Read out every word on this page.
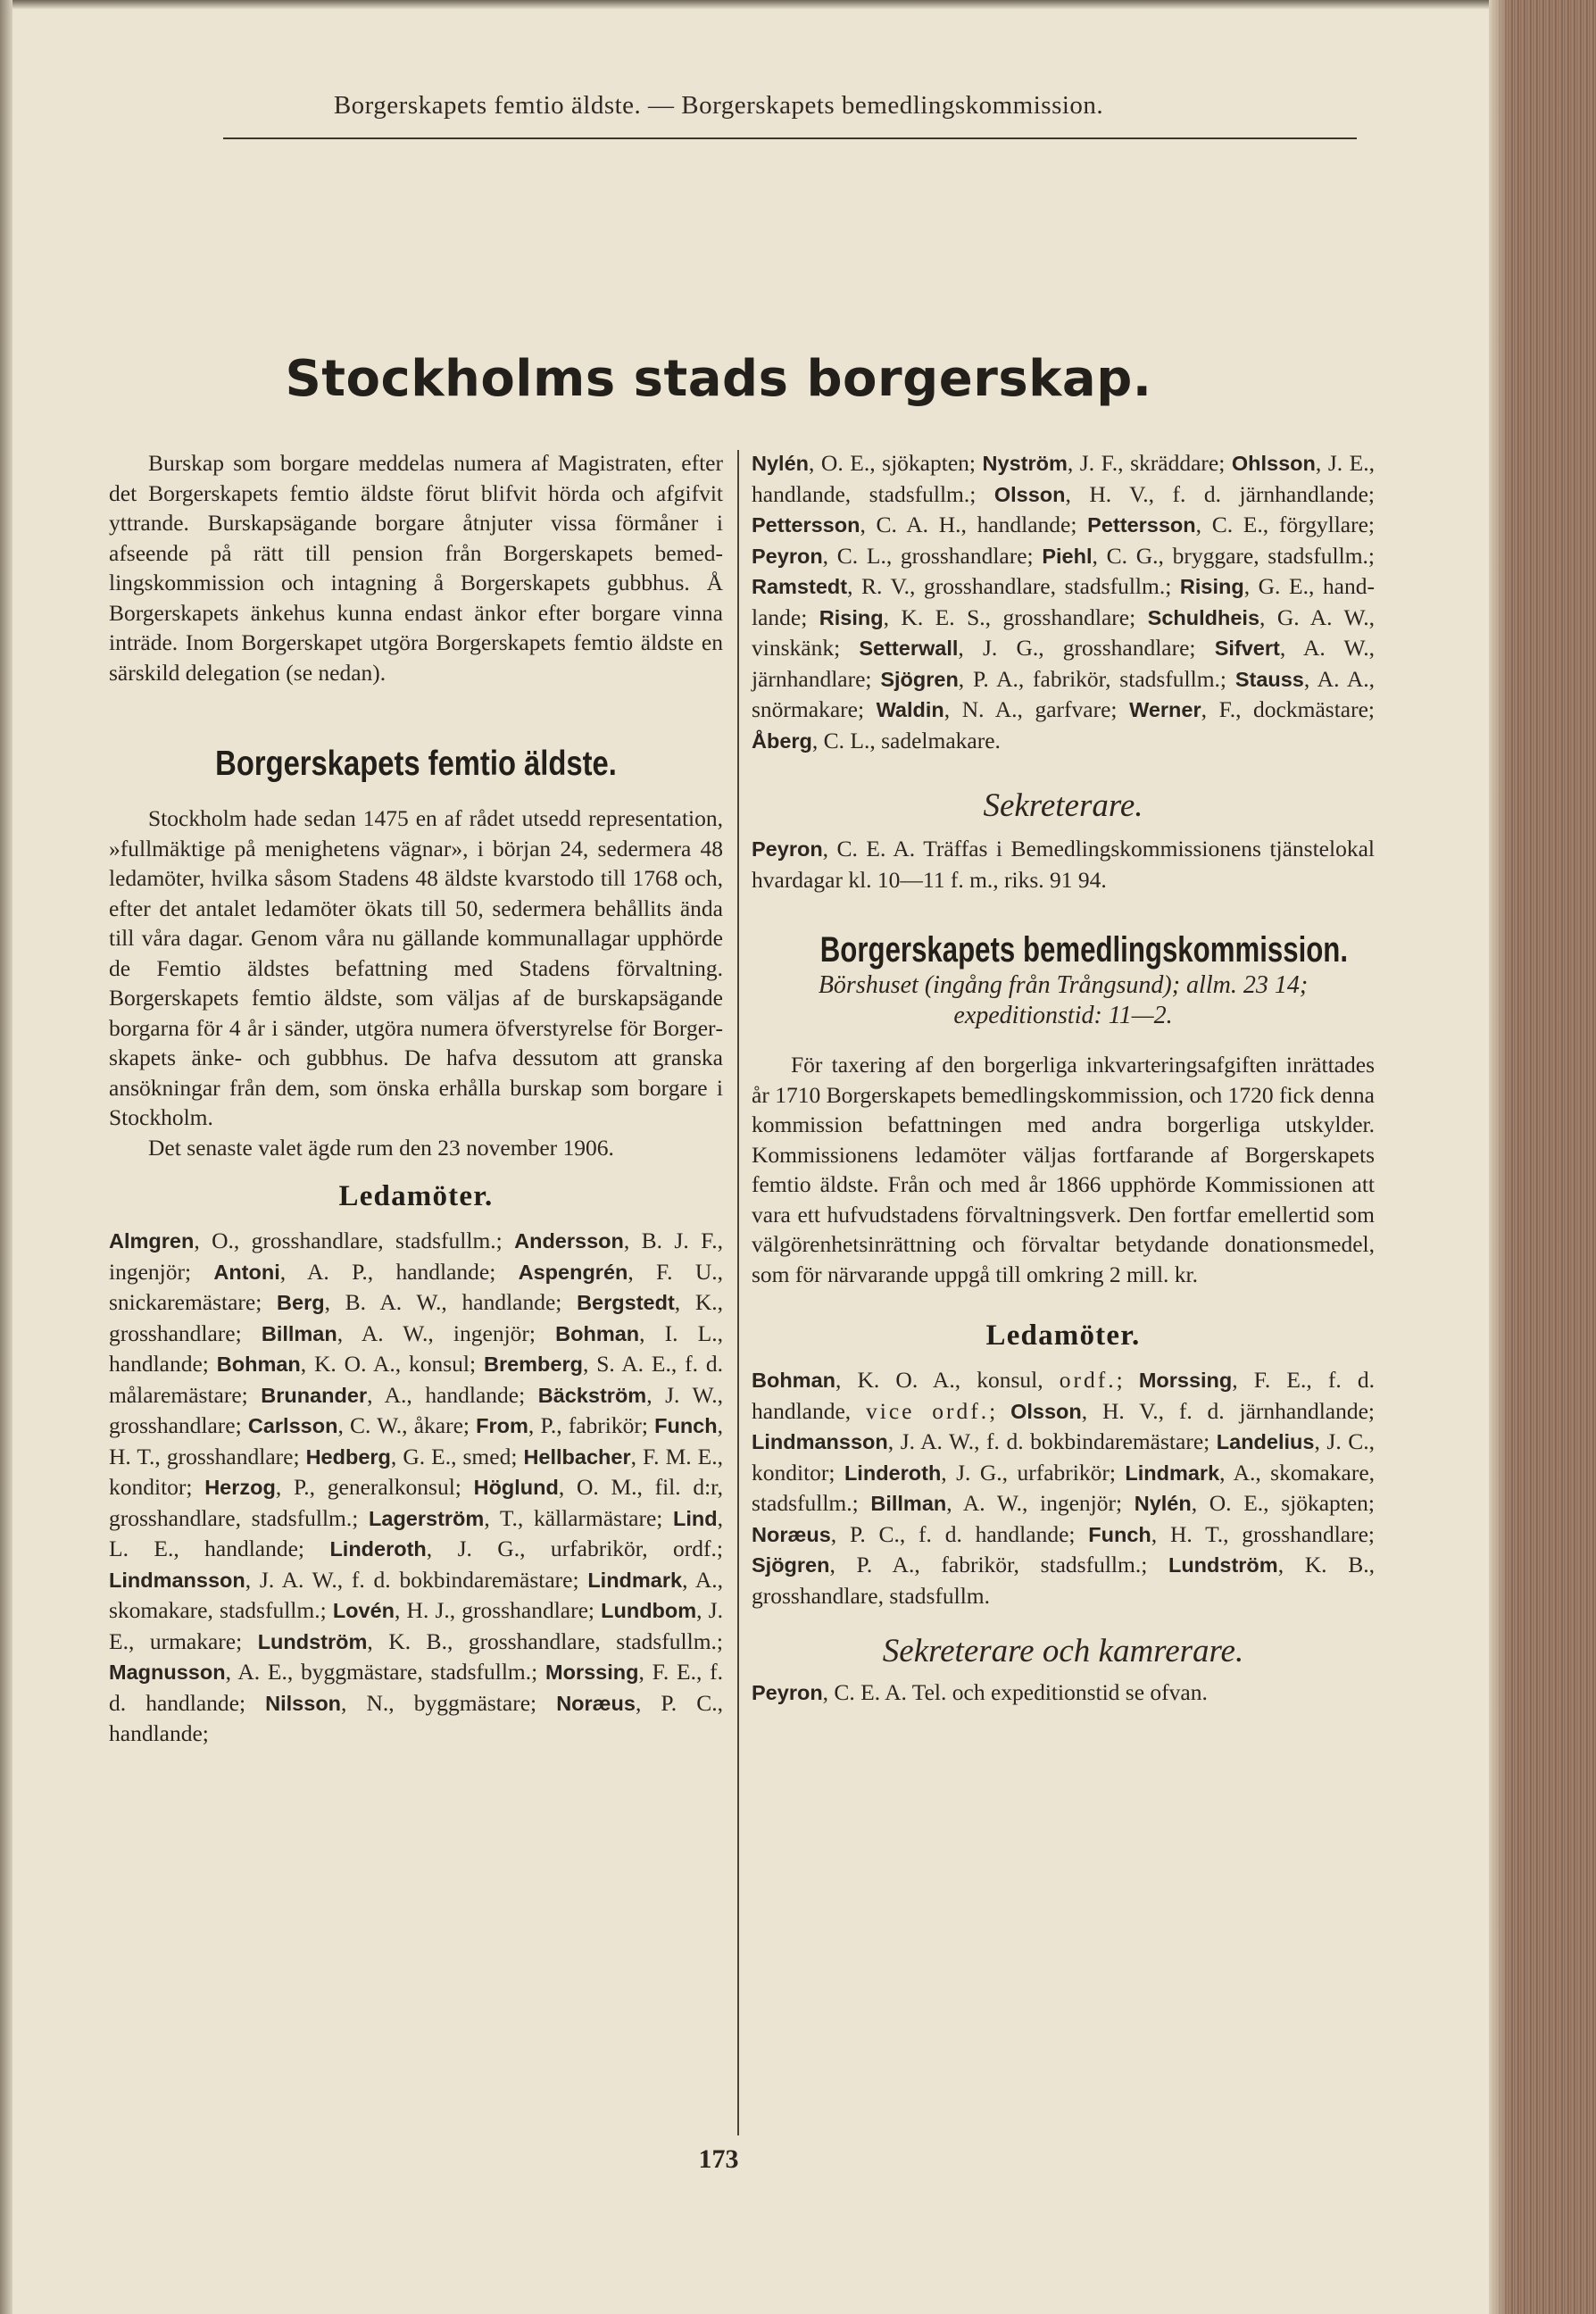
Borgerskapets femtio äldste. — Borgerskapets bemedlingskommission.
Stockholms stads borgerskap.

Burskap som borgare meddelas numera af Magistraten, efter det Borgerskapets femtio äldste förut blifvit hörda och afgifvit yttrande. Burskapsägande borgare åtnjuter vissa förmåner i afseende på rätt till pension från Borgerskapets bemedlingskommission och intagning å Borgerskapets gubbhus. Å Borgerskapets änkehus kunna endast änkor efter borgare vinna inträde. Inom Borgerskapet utgöra Borgerskapets femtio äldste en särskild delegation (se nedan).

Borgerskapets femtio äldste.

Stockholm hade sedan 1475 en af rådet utsedd representation, »fullmäktige på menighetens vägnar», i början 24, sedermera 48 ledamöter, hvilka såsom Stadens 48 äldste kvarstodo till 1768 och, efter det antalet ledamöter ökats till 50, sedermera behållits ända till våra dagar. Genom våra nu gällande kommunallagar upphörde de Femtio äldstes befattning med Stadens förvaltning. Borgerskapets femtio äldste, som väljas af de burskapsägande borgarna för 4 år i sänder, utgöra numera öfverstyrelse för Borgerskapets änke- och gubbhus. De hafva dessutom att granska ansökningar från dem, som önska erhålla burskap som borgare i Stockholm.

Det senaste valet ägde rum den 23 november 1906.

Ledamöter.

Almgren, O., grosshandlare, stadsfullm.; Andersson, B. J. F., ingenjör; Antoni, A. P., handlande; Aspengrén, F. U., snickaremästare; Berg, B. A. W., handlande; Bergstedt, K., grosshandlare; Billman, A. W., ingenjör; Bohman, I. L., handlande; Bohman, K. O. A., konsul; Bremberg, S. A. E., f. d. målaremästare; Brunander, A., handlande; Bäckström, J. W., grosshandlare; Carlsson, C. W., åkare; From, P., fabrikör; Funch, H. T., grosshandlare; Hedberg, G. E., smed; Hellbacher, F. M. E., konditor; Herzog, P., generalkonsul; Höglund, O. M., fil. d:r, grosshandlare, stadsfullm.; Lagerström, T., källarmästare; Lind, L. E., handlande; Linderoth, J. G., urfabrikör, ordf.; Lindmansson, J. A. W., f. d. bokbindaremästare; Lindmark, A., skomakare, stadsfullm.; Lovén, H. J., grosshandlare; Lundbom, J. E., urmakare; Lundström, K. B., grosshandlare, stadsfullm.; Magnusson, A. E., byggmästare, stadsfullm.; Morssing, F. E., f. d. handlande; Nilsson, N., byggmästare; Noræus, P. C., handlande;

Nylén, O. E., sjökapten; Nyström, J. F., skräddare; Ohlsson, J. E., handlande, stadsfullm.; Olsson, H. V., f. d. järnhandlande; Pettersson, C. A. H., handlande; Pettersson, C. E., förgyllare; Peyron, C. L., grosshandlare; Piehl, C. G., bryggare, stadsfullm.; Ramstedt, R. V., grosshandlare, stadsfullm.; Rising, G. E., handlande; Rising, K. E. S., grosshandlare; Schuldheis, G. A. W., vinskänk; Setterwall, J. G., grosshandlare; Sifvert, A. W., järnhandlare; Sjögren, P. A., fabrikör, stadsfullm.; Stauss, A. A., snörmakare; Waldin, N. A., garfvare; Werner, F., dockmästare; Åberg, C. L., sadelmakare.

Sekreterare.

Peyron, C. E. A. Träffas i Bemedlingskommissionens tjänstelokal hvardagar kl. 10—11 f. m., riks. 91 94.

Borgerskapets bemedlingskommission.

Börshuset (ingång från Trångsund); allm. 23 14; expeditionstid: 11—2.

För taxering af den borgerliga inkvarteringsafgiften inrättades år 1710 Borgerskapets bemedlingskommission, och 1720 fick denna kommission befattningen med andra borgerliga utskylder. Kommissionens ledamöter väljas fortfarande af Borgerskapets femtio äldste. Från och med år 1866 upphörde Kommissionen att vara ett hufvudstadens förvaltningsverk. Den fortfar emellertid som välgörenhetsinrättning och förvaltar betydande donationsmedel, som för närvarande uppgå till omkring 2 mill. kr.

Ledamöter.

Bohman, K. O. A., konsul, ordf.; Morssing, F. E., f. d. handlande, vice ordf.; Olsson, H. V., f. d. järnhandlande; Lindmansson, J. A. W., f. d. bokbindaremästare; Landelius, J. C., konditor; Linderoth, J. G., urfabrikör; Lindmark, A., skomakare, stadsfullm.; Billman, A. W., ingenjör; Nylén, O. E., sjökapten; Noræus, P. C., f. d. handlande; Funch, H. T., grosshandlare; Sjögren, P. A., fabrikör, stadsfullm.; Lundström, K. B., grosshandlare, stadsfullm.

Sekreterare och kamrerare.

Peyron, C. E. A. Tel. och expeditionstid se ofvan.

173
